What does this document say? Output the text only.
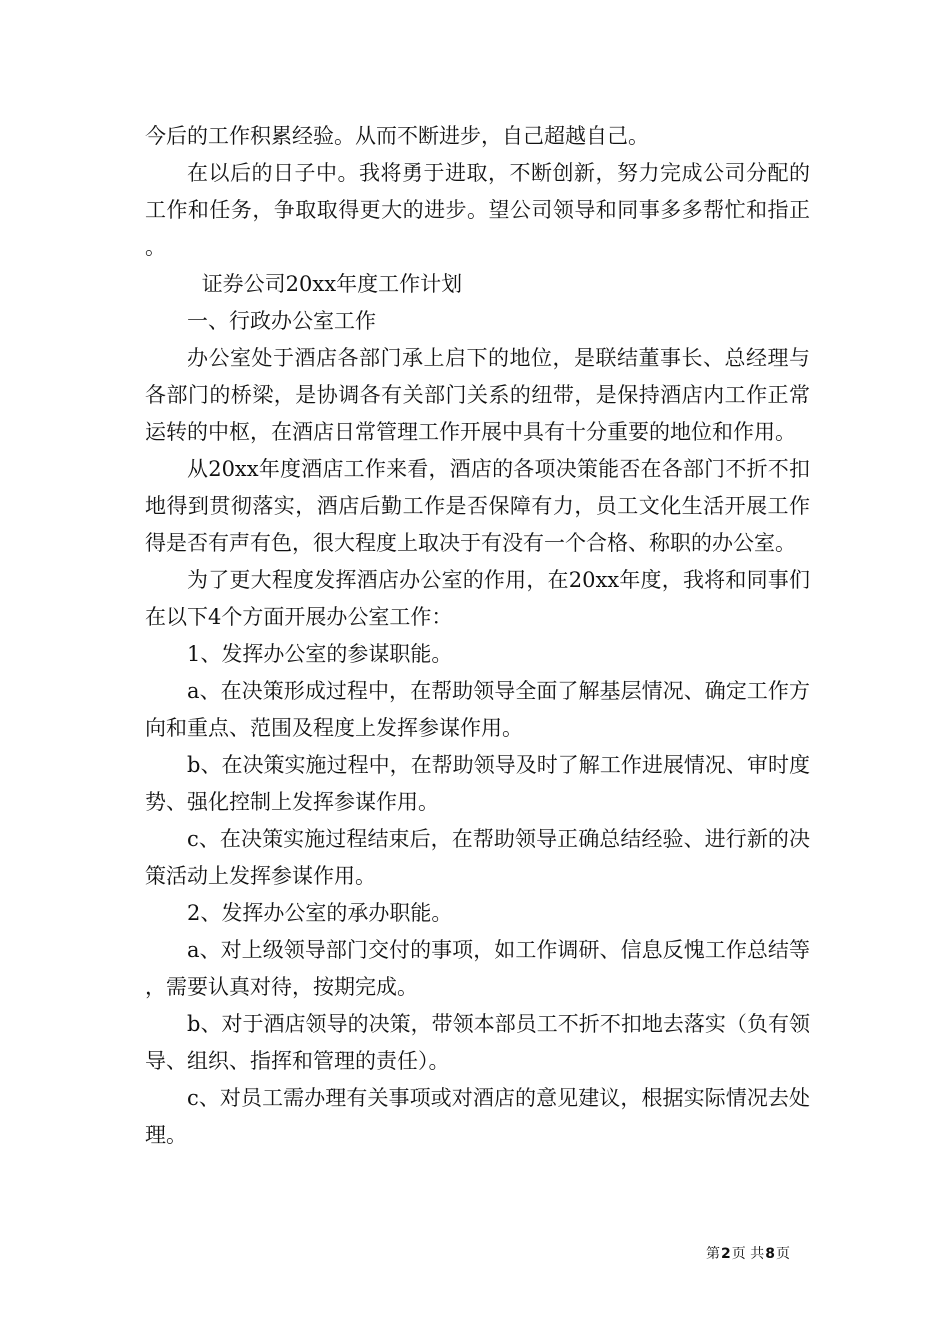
今后的工作积累经验。从而不断进步，自己超越自己。

在以后的日子中。我将勇于进取，不断创新，努力完成公司分配的工作和任务，争取取得更大的进步。望公司领导和同事多多帮忙和指正。

证券公司20xx年度工作计划

一、行政办公室工作

办公室处于酒店各部门承上启下的地位，是联结董事长、总经理与各部门的桥梁，是协调各有关部门关系的纽带，是保持酒店内工作正常运转的中枢，在酒店日常管理工作开展中具有十分重要的地位和作用。

从20xx年度酒店工作来看，酒店的各项决策能否在各部门不折不扣地得到贯彻落实，酒店后勤工作是否保障有力，员工文化生活开展工作得是否有声有色，很大程度上取决于有没有一个合格、称职的办公室。

为了更大程度发挥酒店办公室的作用，在20xx年度，我将和同事们在以下4个方面开展办公室工作：

1、发挥办公室的参谋职能。

a、在决策形成过程中，在帮助领导全面了解基层情况、确定工作方向和重点、范围及程度上发挥参谋作用。

b、在决策实施过程中，在帮助领导及时了解工作进展情况、审时度势、强化控制上发挥参谋作用。

c、在决策实施过程结束后，在帮助领导正确总结经验、进行新的决策活动上发挥参谋作用。

2、发挥办公室的承办职能。

a、对上级领导部门交付的事项，如工作调研、信息反愧工作总结等，需要认真对待，按期完成。

b、对于酒店领导的决策，带领本部员工不折不扣地去落实（负有领导、组织、指挥和管理的责任）。

c、对员工需办理有关事项或对酒店的意见建议，根据实际情况去处理。

第2页 共8页
